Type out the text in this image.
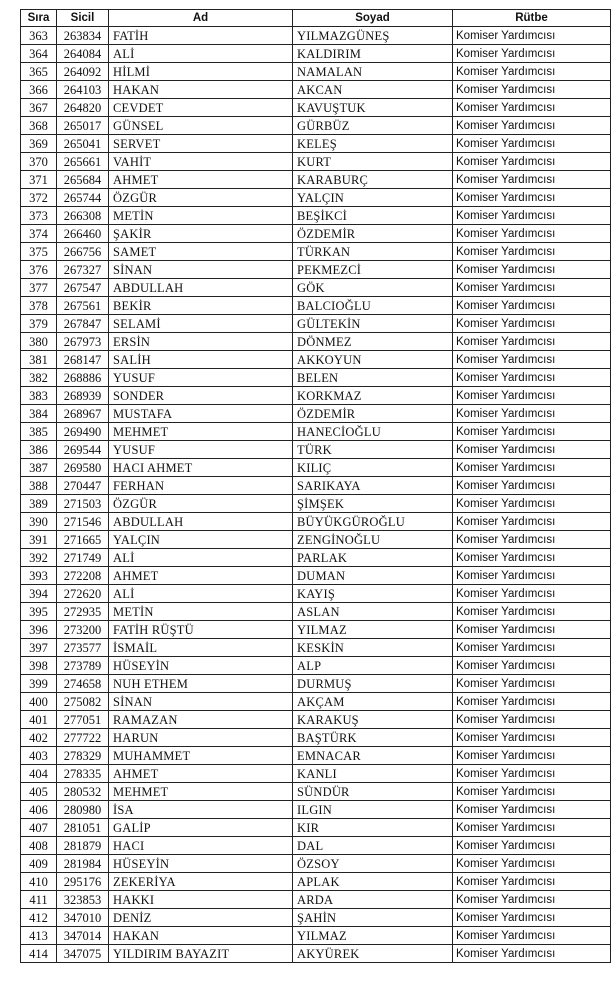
Sıra	Sicil	Ad	Soyad	Rütbe
363	263834	FATİH	YILMAZGÜNEŞ	Komiser Yardımcısı
364	264084	ALİ	KALDIRIM	Komiser Yardımcısı
365	264092	HİLMİ	NAMALAN	Komiser Yardımcısı
366	264103	HAKAN	AKCAN	Komiser Yardımcısı
367	264820	CEVDET	KAVUŞTUK	Komiser Yardımcısı
368	265017	GÜNSEL	GÜRBÜZ	Komiser Yardımcısı
369	265041	SERVET	KELEŞ	Komiser Yardımcısı
370	265661	VAHİT	KURT	Komiser Yardımcısı
371	265684	AHMET	KARABURÇ	Komiser Yardımcısı
372	265744	ÖZGÜR	YALÇIN	Komiser Yardımcısı
373	266308	METİN	BEŞİKCİ	Komiser Yardımcısı
374	266460	ŞAKİR	ÖZDEMİR	Komiser Yardımcısı
375	266756	SAMET	TÜRKAN	Komiser Yardımcısı
376	267327	SİNAN	PEKMEZCİ	Komiser Yardımcısı
377	267547	ABDULLAH	GÖK	Komiser Yardımcısı
378	267561	BEKİR	BALCIOĞLU	Komiser Yardımcısı
379	267847	SELAMİ	GÜLTEKİN	Komiser Yardımcısı
380	267973	ERSİN	DÖNMEZ	Komiser Yardımcısı
381	268147	SALİH	AKKOYUN	Komiser Yardımcısı
382	268886	YUSUF	BELEN	Komiser Yardımcısı
383	268939	SONDER	KORKMAZ	Komiser Yardımcısı
384	268967	MUSTAFA	ÖZDEMİR	Komiser Yardımcısı
385	269490	MEHMET	HANECİOĞLU	Komiser Yardımcısı
386	269544	YUSUF	TÜRK	Komiser Yardımcısı
387	269580	HACI AHMET	KILIÇ	Komiser Yardımcısı
388	270447	FERHAN	SARIKAYA	Komiser Yardımcısı
389	271503	ÖZGÜR	ŞİMŞEK	Komiser Yardımcısı
390	271546	ABDULLAH	BÜYÜKGÜROĞLU	Komiser Yardımcısı
391	271665	YALÇIN	ZENGİNOĞLU	Komiser Yardımcısı
392	271749	ALİ	PARLAK	Komiser Yardımcısı
393	272208	AHMET	DUMAN	Komiser Yardımcısı
394	272620	ALİ	KAYIŞ	Komiser Yardımcısı
395	272935	METİN	ASLAN	Komiser Yardımcısı
396	273200	FATİH RÜŞTÜ	YILMAZ	Komiser Yardımcısı
397	273577	İSMAİL	KESKİN	Komiser Yardımcısı
398	273789	HÜSEYİN	ALP	Komiser Yardımcısı
399	274658	NUH ETHEM	DURMUŞ	Komiser Yardımcısı
400	275082	SİNAN	AKÇAM	Komiser Yardımcısı
401	277051	RAMAZAN	KARAKUŞ	Komiser Yardımcısı
402	277722	HARUN	BAŞTÜRK	Komiser Yardımcısı
403	278329	MUHAMMET	EMNACAR	Komiser Yardımcısı
404	278335	AHMET	KANLI	Komiser Yardımcısı
405	280532	MEHMET	SÜNDÜR	Komiser Yardımcısı
406	280980	İSA	ILGIN	Komiser Yardımcısı
407	281051	GALİP	KIR	Komiser Yardımcısı
408	281879	HACI	DAL	Komiser Yardımcısı
409	281984	HÜSEYİN	ÖZSOY	Komiser Yardımcısı
410	295176	ZEKERİYA	APLAK	Komiser Yardımcısı
411	323853	HAKKI	ARDA	Komiser Yardımcısı
412	347010	DENİZ	ŞAHİN	Komiser Yardımcısı
413	347014	HAKAN	YILMAZ	Komiser Yardımcısı
414	347075	YILDIRIM BAYAZIT	AKYÜREK	Komiser Yardımcısı
